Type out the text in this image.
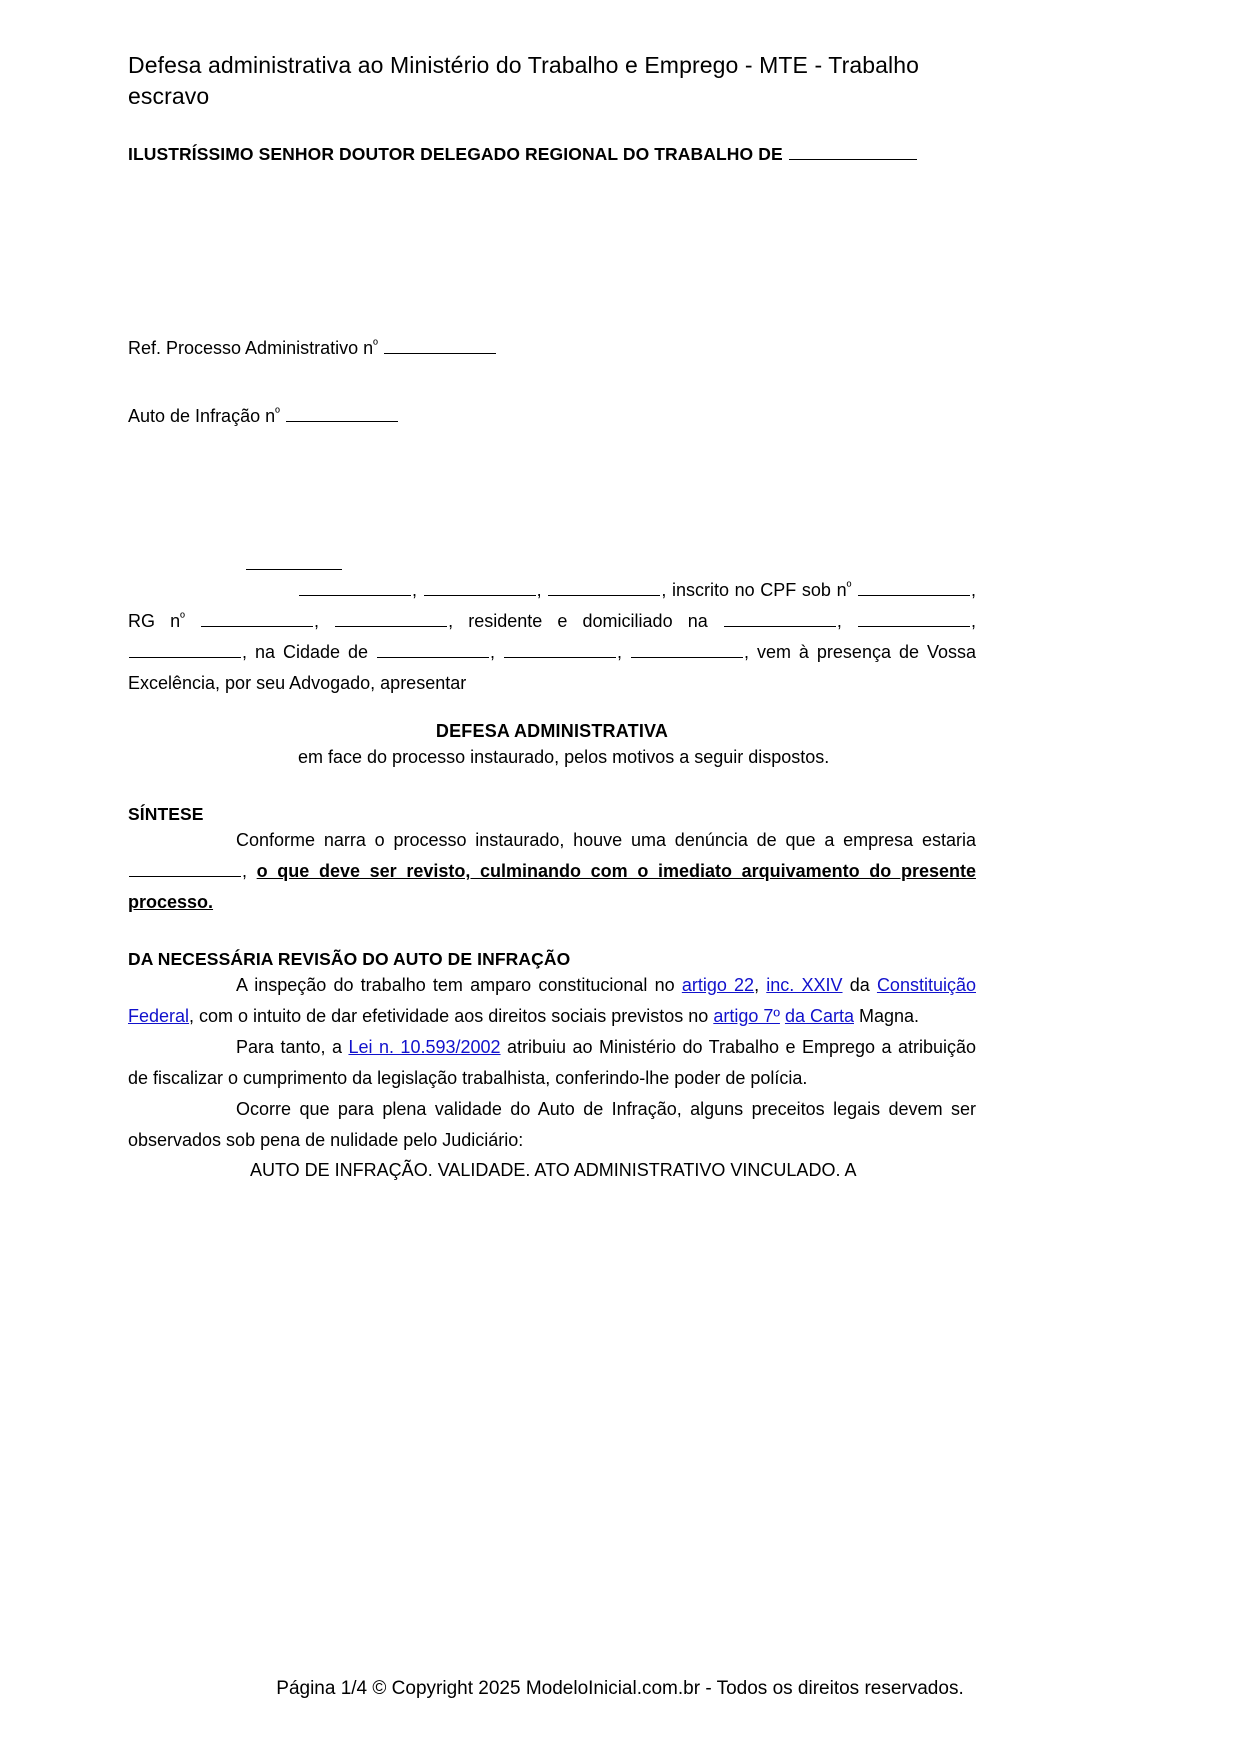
Defesa administrativa ao Ministério do Trabalho e Emprego - MTE - Trabalho escravo
ILUSTRÍSSIMO SENHOR DOUTOR DELEGADO REGIONAL DO TRABALHO DE
Ref. Processo Administrativo $n^º$
Auto de Infração $n^º$

,	,	, inscrito no CPF sob $n^º$	, RG $n^º$	,	, residente e domiciliado na	,	, , na Cidade de	,	,	, vem à presença de Vossa Excelência, por seu Advogado, apresentar

DEFESA ADMINISTRATIVA

em face do processo instaurado, pelos motivos a seguir dispostos.

SÍNTESE

Conforme narra o processo instaurado, houve uma denúncia de que a empresa estaria , o que deve ser revisto, culminando com o imediato arquivamento do presente processo.

DA NECESSÁRIA REVISÃO DO AUTO DE INFRAÇÃO

A inspeção do trabalho tem amparo constitucional no artigo 22, inc. XXIV da Constituição Federal, com o intuito de dar efetividade aos direitos sociais previstos no artigo 7º da Carta Magna.

Para tanto, a Lei n. 10.593/2002 atribuiu ao Ministério do Trabalho e Emprego a atribuição de fiscalizar o cumprimento da legislação trabalhista, conferindo-lhe poder de polícia.

Ocorre que para plena validade do Auto de Infração, alguns preceitos legais devem ser observados sob pena de nulidade pelo Judiciário:

AUTO DE INFRAÇÃO. VALIDADE. ATO ADMINISTRATIVO VINCULADO. A

Página 1/4 © Copyright 2025 ModeloInicial.com.br - Todos os direitos reservados.
